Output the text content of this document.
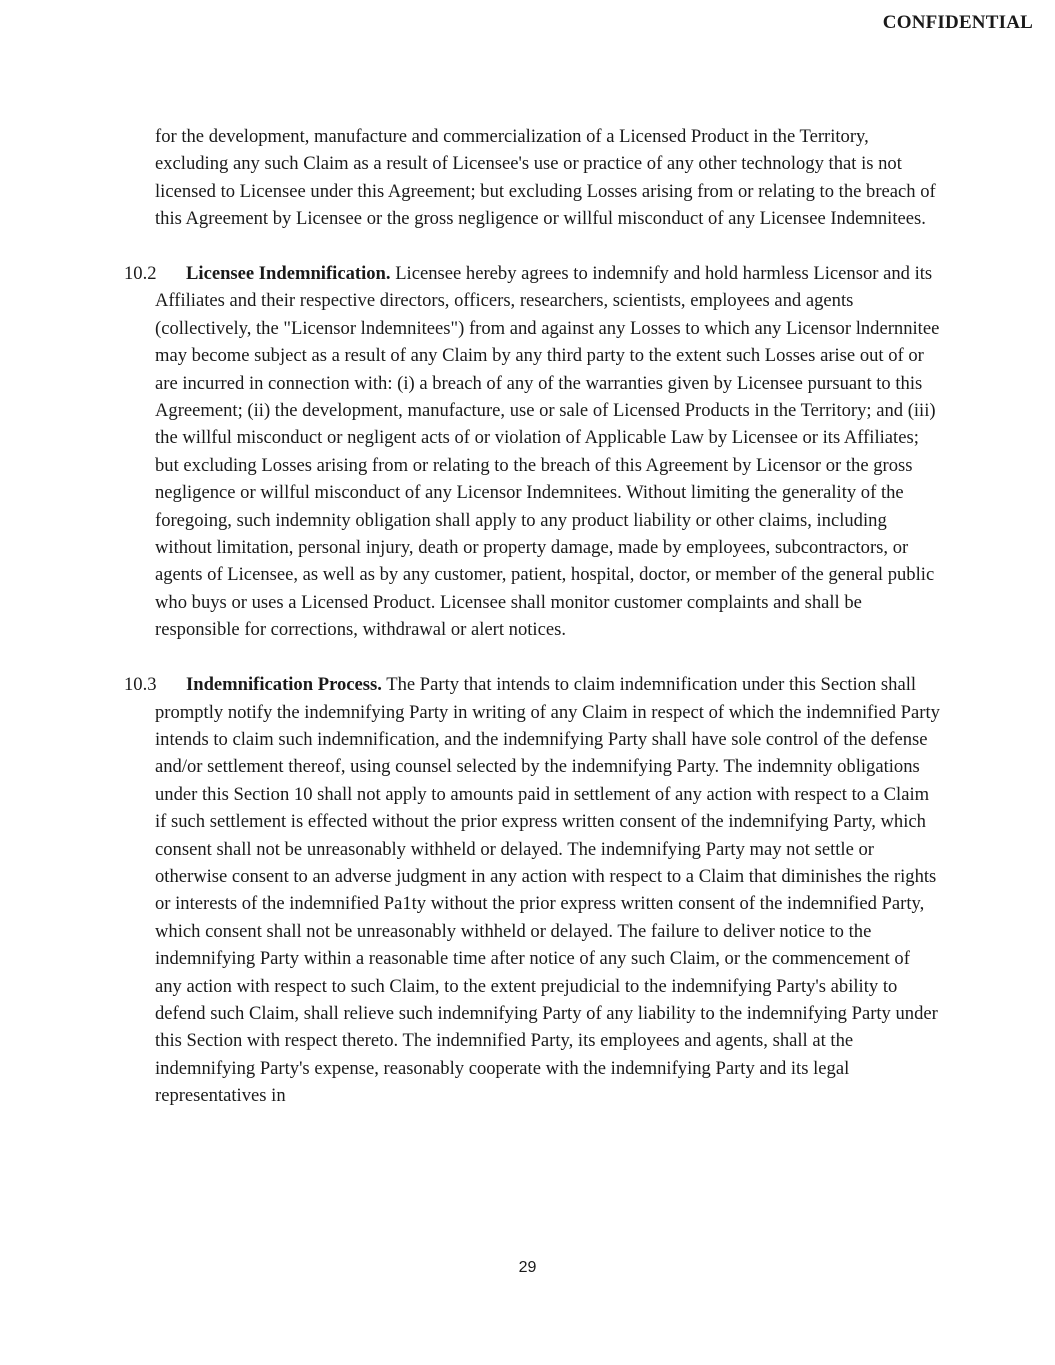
CONFIDENTIAL

for the development, manufacture and commercialization of a Licensed Product in the Territory, excluding any such Claim as a result of Licensee's use or practice of any other technology that is not licensed to Licensee under this Agreement; but excluding Losses arising from or relating to the breach of this Agreement by Licensee or the gross negligence or willful misconduct of any Licensee Indemnitees.

10.2	Licensee Indemnification. Licensee hereby agrees to indemnify and hold harmless Licensor and its Affiliates and their respective directors, officers, researchers, scientists, employees and agents (collectively, the "Licensor lndemnitees") from and against any Losses to which any Licensor lndernnitee may become subject as a result of any Claim by any third party to the extent such Losses arise out of or are incurred in connection with: (i) a breach of any of the warranties given by Licensee pursuant to this Agreement; (ii) the development, manufacture, use or sale of Licensed Products in the Territory; and (iii) the willful misconduct or negligent acts of or violation of Applicable Law by Licensee or its Affiliates; but excluding Losses arising from or relating to the breach of this Agreement by Licensor or the gross negligence or willful misconduct of any Licensor Indemnitees. Without limiting the generality of the foregoing, such indemnity obligation shall apply to any product liability or other claims, including without limitation, personal injury, death or property damage, made by employees, subcontractors, or agents of Licensee, as well as by any customer, patient, hospital, doctor, or member of the general public who buys or uses a Licensed Product. Licensee shall monitor customer complaints and shall be responsible for corrections, withdrawal or alert notices.
10.3	Indemnification Process. The Party that intends to claim indemnification under this Section shall promptly notify the indemnifying Party in writing of any Claim in respect of which the indemnified Party intends to claim such indemnification, and the indemnifying Party shall have sole control of the defense and/or settlement thereof, using counsel selected by the indemnifying Party. The indemnity obligations under this Section 10 shall not apply to amounts paid in settlement of any action with respect to a Claim if such settlement is effected without the prior express written consent of the indemnifying Party, which consent shall not be unreasonably withheld or delayed. The indemnifying Party may not settle or otherwise consent to an adverse judgment in any action with respect to a Claim that diminishes the rights or interests of the indemnified Pa1ty without the prior express written consent of the indemnified Party, which consent shall not be unreasonably withheld or delayed. The failure to deliver notice to the indemnifying Party within a reasonable time after notice of any such Claim, or the commencement of any action with respect to such Claim, to the extent prejudicial to the indemnifying Party's ability to defend such Claim, shall relieve such indemnifying Party of any liability to the indemnifying Party under this Section with respect thereto. The indemnified Party, its employees and agents, shall at the indemnifying Party's expense, reasonably cooperate with the indemnifying Party and its legal representatives in
29
